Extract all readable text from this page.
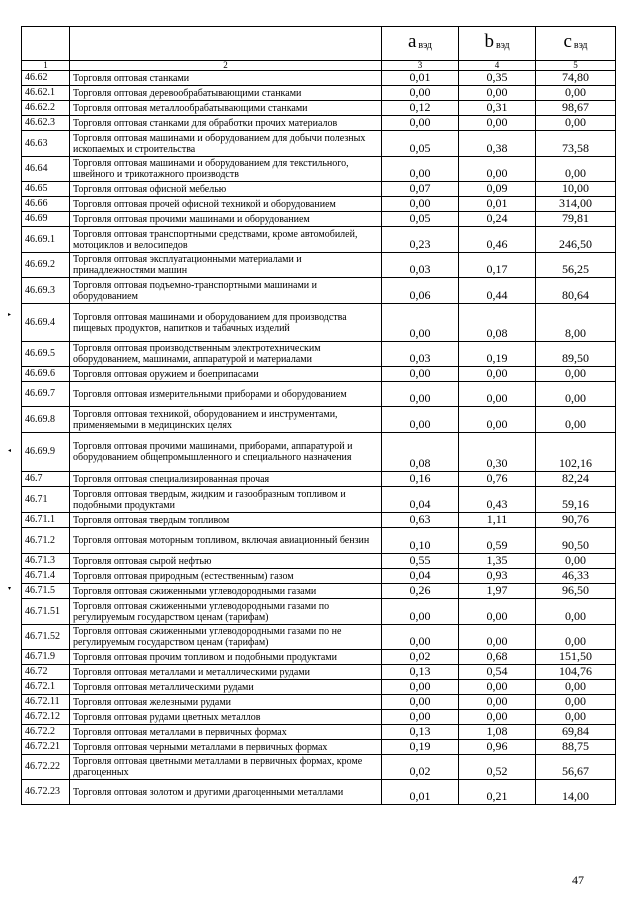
		a вэд	b вэд	c вэд
1	2	3	4	5
46.62	Торговля оптовая станками	0,01	0,35	74,80
46.62.1	Торговля оптовая деревообрабатывающими станками	0,00	0,00	0,00
46.62.2	Торговля оптовая металлообрабатывающими станками	0,12	0,31	98,67
46.62.3	Торговля оптовая станками для обработки прочих материалов	0,00	0,00	0,00
46.63	Торговля оптовая машинами и оборудованием для добычи полезных ископаемых и строительства	0,05	0,38	73,58
46.64	Торговля оптовая машинами и оборудованием для текстильного, швейного и трикотажного производств	0,00	0,00	0,00
46.65	Торговля оптовая офисной мебелью	0,07	0,09	10,00
46.66	Торговля оптовая прочей офисной техникой и оборудованием	0,00	0,01	314,00
46.69	Торговля оптовая прочими машинами и оборудованием	0,05	0,24	79,81
46.69.1	Торговля оптовая транспортными средствами, кроме автомобилей, мотоциклов и велосипедов	0,23	0,46	246,50
46.69.2	Торговля оптовая эксплуатационными материалами и принадлежностями машин	0,03	0,17	56,25
46.69.3	Торговля оптовая подъемно-транспортными машинами и оборудованием	0,06	0,44	80,64
46.69.4	Торговля оптовая машинами и оборудованием для производства пищевых продуктов, напитков и табачных изделий	0,00	0,08	8,00
46.69.5	Торговля оптовая производственным электротехническим оборудованием, машинами, аппаратурой и материалами	0,03	0,19	89,50
46.69.6	Торговля оптовая оружием и боеприпасами	0,00	0,00	0,00
46.69.7	Торговля оптовая измерительными приборами и оборудованием	0,00	0,00	0,00
46.69.8	Торговля оптовая техникой, оборудованием и инструментами, применяемыми в медицинских целях	0,00	0,00	0,00
46.69.9	Торговля оптовая прочими машинами, приборами, аппаратурой и оборудованием общепромышленного и специального назначения	0,08	0,30	102,16
46.7	Торговля оптовая специализированная прочая	0,16	0,76	82,24
46.71	Торговля оптовая твердым, жидким и газообразным топливом и подобными продуктами	0,04	0,43	59,16
46.71.1	Торговля оптовая твердым топливом	0,63	1,11	90,76
46.71.2	Торговля оптовая моторным топливом, включая авиационный бензин	0,10	0,59	90,50
46.71.3	Торговля оптовая сырой нефтью	0,55	1,35	0,00
46.71.4	Торговля оптовая природным (естественным) газом	0,04	0,93	46,33
46.71.5	Торговля оптовая сжиженными углеводородными газами	0,26	1,97	96,50
46.71.51	Торговля оптовая сжиженными углеводородными газами по регулируемым государством ценам (тарифам)	0,00	0,00	0,00
46.71.52	Торговля оптовая сжиженными углеводородными газами по не регулируемым государством ценам (тарифам)	0,00	0,00	0,00
46.71.9	Торговля оптовая прочим топливом и подобными продуктами	0,02	0,68	151,50
46.72	Торговля оптовая металлами и металлическими рудами	0,13	0,54	104,76
46.72.1	Торговля оптовая металлическими рудами	0,00	0,00	0,00
46.72.11	Торговля оптовая железными рудами	0,00	0,00	0,00
46.72.12	Торговля оптовая рудами цветных металлов	0,00	0,00	0,00
46.72.2	Торговля оптовая металлами в первичных формах	0,13	1,08	69,84
46.72.21	Торговля оптовая черными металлами в первичных формах	0,19	0,96	88,75
46.72.22	Торговля оптовая цветными металлами в первичных формах, кроме драгоценных	0,02	0,52	56,67
46.72.23	Торговля оптовая золотом и другими драгоценными металлами	0,01	0,21	14,00
▸
◂
▾
47
